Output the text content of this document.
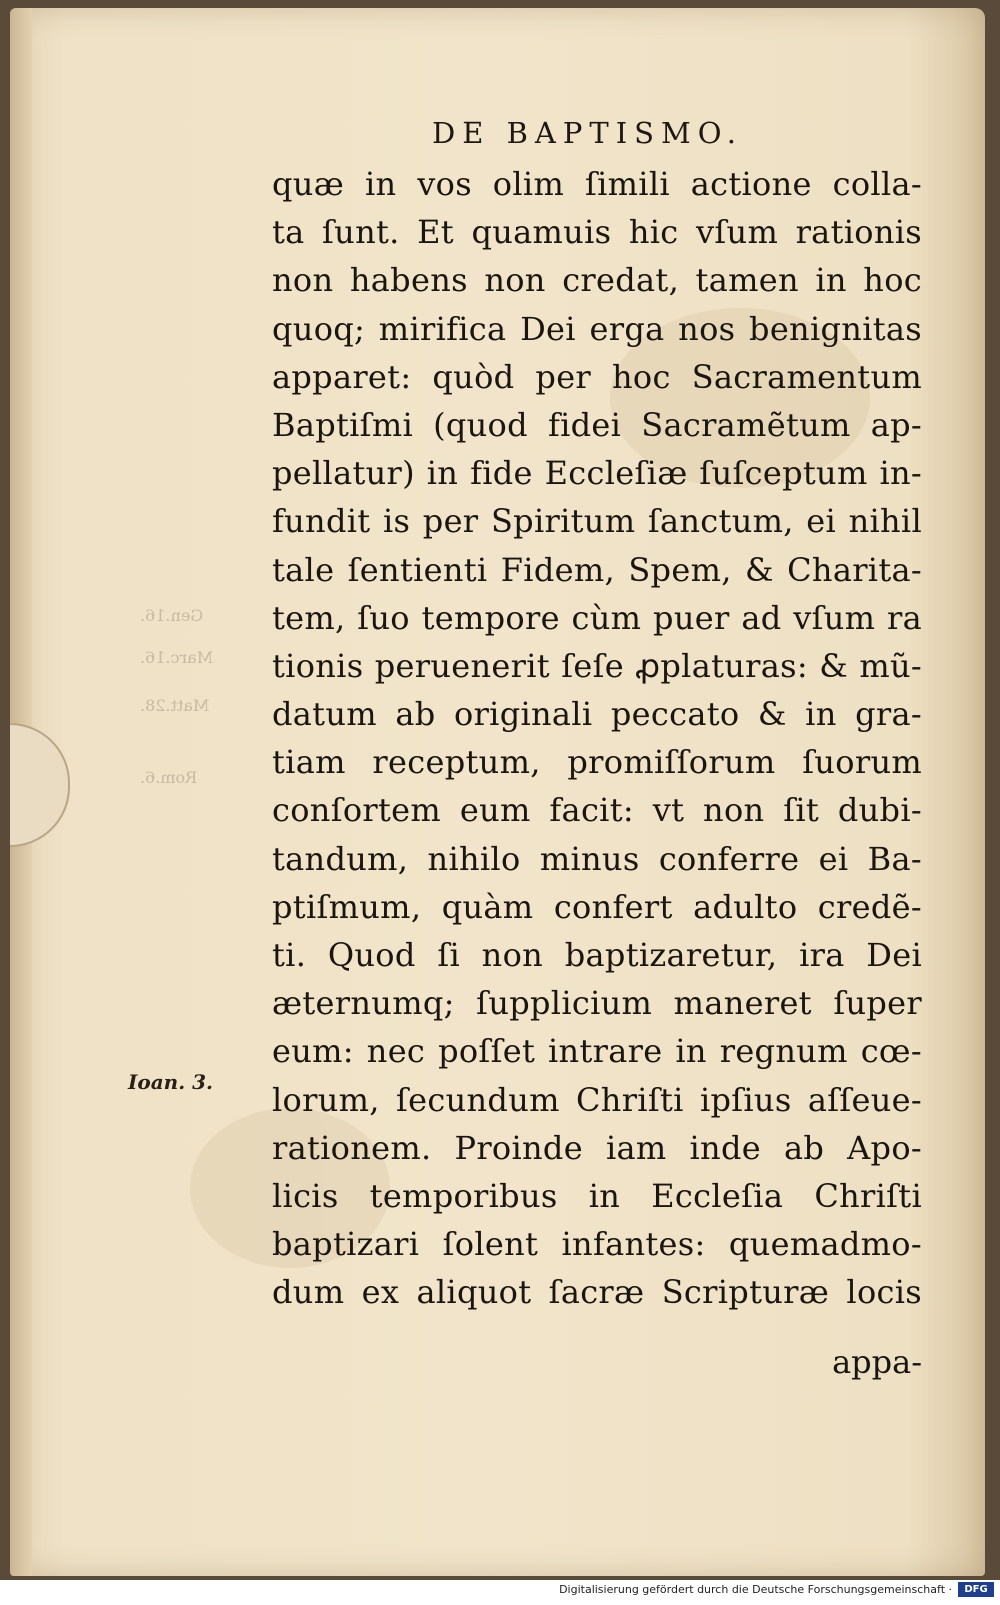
Gen.16.
Marc.16.
Matt.28.
Rom.6.
DE BAPTISMO.
quæ in vos olim ſimili actione colla-
ta ſunt. Et quamuis hic vſum rationis
non habens non credat, tamen in hoc
quoq; mirifica Dei erga nos benignitas
apparet: quòd per hoc Sacramentum
Baptiſmi (quod fidei Sacramẽtum ap-
pellatur) in fide Eccleſiæ ſuſceptum in-
fundit is per Spiritum ſanctum, ei nihil
tale ſentienti Fidem, Spem, & Charita-
tem, ſuo tempore cùm puer ad vſum ra
tionis peruenerit ſeſe ꝓplaturas: & mũ-
datum ab originali peccato & in gra-
tiam receptum, promiſſorum ſuorum
conſortem eum facit: vt non ſit dubi-
tandum, nihilo minus conferre ei Ba-
ptiſmum, quàm confert adulto credẽ-
ti. Quod ſi non baptizaretur, ira Dei
æternumq; ſupplicium maneret ſuper
eum: nec poſſet intrare in regnum cœ-
lorum, ſecundum Chriſti ipſius aſſeue-
rationem. Proinde iam inde ab Apo-
licis temporibus in Eccleſia Chriſti
baptizari ſolent infantes: quemadmo-
dum ex aliquot ſacræ Scripturæ locis
appa-
Ioan. 3.
Digitalisierung gefördert durch die Deutsche Forschungsgemeinschaft ·	DFG
